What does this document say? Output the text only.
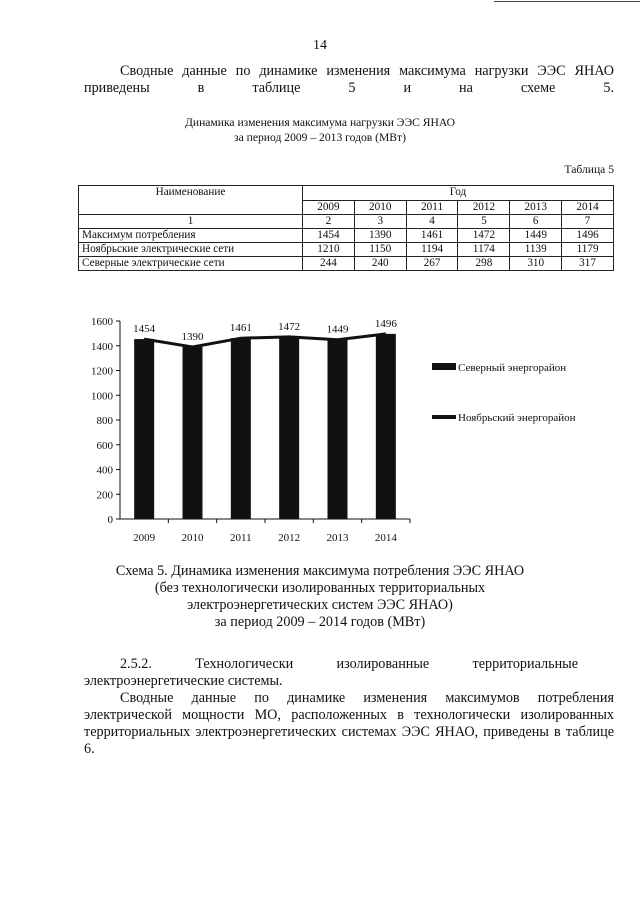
14

Сводные данные по динамике изменения максимума нагрузки ЭЭС ЯНАО приведены в таблице 5 и на схеме 5.

Динамика изменения максимума нагрузки ЭЭС ЯНАО
за период 2009 – 2013 годов (МВт)
Таблица 5
Наименование	Год					
	2009	2010	2011	2012	2013	2014
1	2	3	4	5	6	7
Максимум потребления	1454	1390	1461	1472	1449	1496
Ноябрьские электрические сети	1210	1150	1194	1174	1139	1179
Северные электрические сети	244	240	267	298	310	317
0
200
400
600
800
1000
1200
1400
1600
2009 2010 2011 2012 2013 2014
1454
1390
1461 1472 1449 1496
Северный энергорайон
Ноябрьский энергорайон
Схема 5. Динамика изменения максимума потребления ЭЭС ЯНАО
(без технологически изолированных территориальных
электроэнергетических систем ЭЭС ЯНАО)
за период 2009 – 2014 годов (МВт)

2.5.2. Технологически изолированные территориальные

электроэнергетические системы.

Сводные данные по динамике изменения максимумов потребления электрической мощности МО, расположенных в технологически изолированных территориальных электроэнергетических системах ЭЭС ЯНАО, приведены в таблице 6.
